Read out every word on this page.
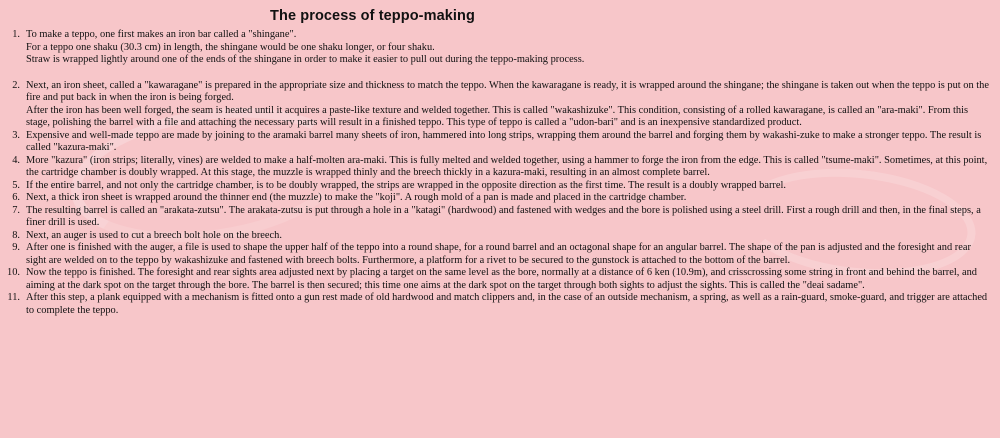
The process of teppo-making
1. To make a teppo, one first makes an iron bar called a "shingane".
For a teppo one shaku (30.3 cm) in length, the shingane would be one shaku longer, or four shaku.
Straw is wrapped lightly around one of the ends of the shingane in order to make it easier to pull out during the teppo-making process.
2. Next, an iron sheet, called a "kawaragane" is prepared in the appropriate size and thickness to match the teppo. When the kawaragane is ready, it is wrapped around the shingane; the shingane is taken out when the teppo is put on the fire and put back in when the iron is being forged.
After the iron has been well forged, the seam is heated until it acquires a paste-like texture and welded together. This is called "wakashizuke". This condition, consisting of a rolled kawaragane, is called an "ara-maki". From this stage, polishing the barrel with a file and attaching the necessary parts will result in a finished teppo. This type of teppo is called a "udon-bari" and is an inexpensive standardized product.
3. Expensive and well-made teppo are made by joining to the aramaki barrel many sheets of iron, hammered into long strips, wrapping them around the barrel and forging them by wakashi-zuke to make a stronger teppo. The result is called "kazura-maki".
4. More "kazura" (iron strips; literally, vines) are welded to make a half-molten ara-maki. This is fully melted and welded together, using a hammer to forge the iron from the edge. This is called "tsume-maki". Sometimes, at this point, the cartridge chamber is doubly wrapped. At this stage, the muzzle is wrapped thinly and the breech thickly in a kazura-maki, resulting in an almost complete barrel.
5. If the entire barrel, and not only the cartridge chamber, is to be doubly wrapped, the strips are wrapped in the opposite direction as the first time. The result is a doubly wrapped barrel.
6. Next, a thick iron sheet is wrapped around the thinner end (the muzzle) to make the "koji". A rough mold of a pan is made and placed in the cartridge chamber.
7. The resulting barrel is called an "arakata-zutsu". The arakata-zutsu is put through a hole in a "katagi" (hardwood) and fastened with wedges and the bore is polished using a steel drill. First a rough drill and then, in the final steps, a finer drill is used.
8. Next, an auger is used to cut a breech bolt hole on the breech.
9. After one is finished with the auger, a file is used to shape the upper half of the teppo into a round shape, for a round barrel and an octagonal shape for an angular barrel. The shape of the pan is adjusted and the foresight and rear sight are welded on to the teppo by wakashizuke and fastened with breech bolts. Furthermore, a platform for a rivet to be secured to the gunstock is attached to the bottom of the barrel.
10. Now the teppo is finished. The foresight and rear sights area adjusted next by placing a target on the same level as the bore, normally at a distance of 6 ken (10.9m), and crisscrossing some string in front and behind the barrel, and aiming at the dark spot on the target through the bore. The barrel is then secured; this time one aims at the dark spot on the target through both sights to adjust the sights. This is called the "deai sadame".
11. After this step, a plank equipped with a mechanism is fitted onto a gun rest made of old hardwood and match clippers and, in the case of an outside mechanism, a spring, as well as a rain-guard, smoke-guard, and trigger are attached to complete the teppo.
